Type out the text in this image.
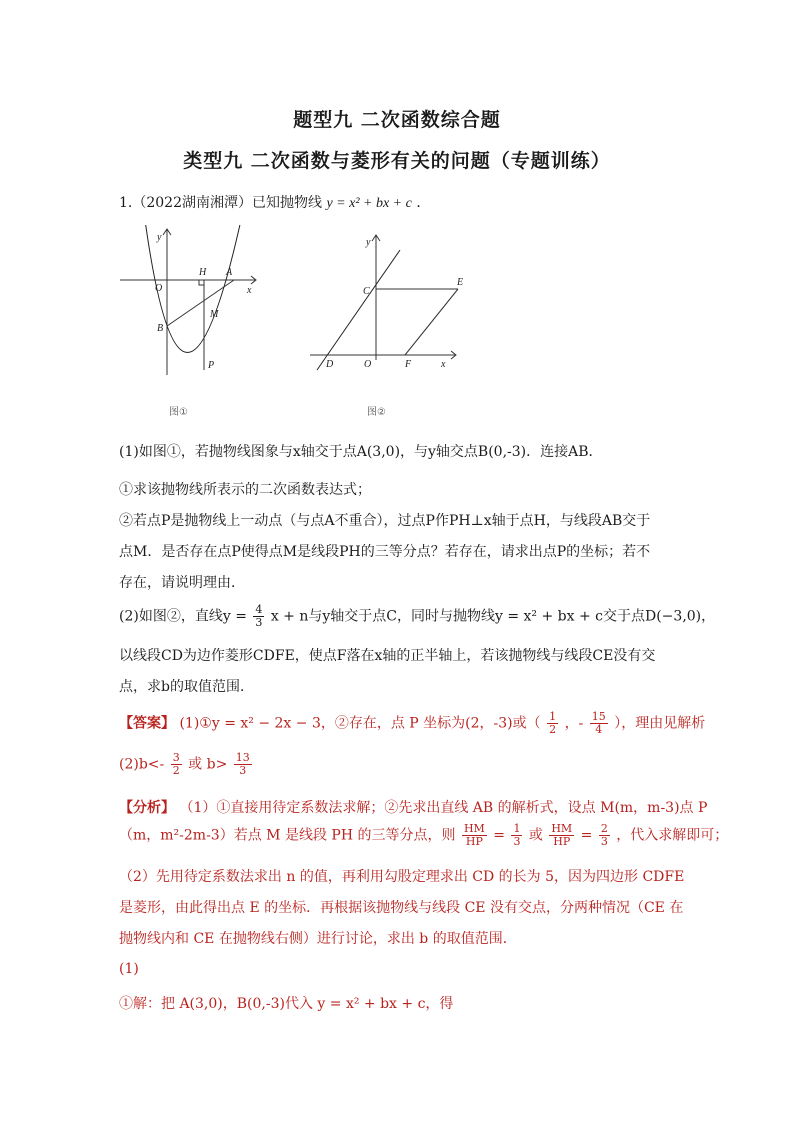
题型九 二次函数综合题
类型九 二次函数与菱形有关的问题（专题训练）
1.（2022湖南湘潭）已知抛物线 y = x² + bx + c ．
y
x
O
H A
M
B
P
图①
y
x
O
C
E
D	F
图②
(1)如图①，若抛物线图象与x轴交于点A(3,0)，与y轴交点B(0,-3)．连接AB．
①求该抛物线所表示的二次函数表达式；
②若点P是抛物线上一动点（与点A不重合），过点P作PH⊥x轴于点H，与线段AB交于
点M．是否存在点P使得点M是线段PH的三等分点？若存在，请求出点P的坐标；若不
存在，请说明理由．
(2)如图②，直线$y = \frac{4}{3}$ x + n与y轴交于点C，同时与抛物线y = x² + bx + c交于点D(−3,0)，
以线段CD为边作菱形CDFE，使点F落在x轴的正半轴上，若该抛物线与线段CE没有交
点，求b的取值范围．
【答案】 (1)①y = x² − 2x − 3，②存在，点 P 坐标为(2，-3)或（ $\frac{1}{2}$ ，- $\frac{15}{4}$ ），理由见解析
$(2)b<- \frac{3}{2}$ 或 $b> \frac{13}{3}$
【分析】 （1）①直接用待定系数法求解；②先求出直线 AB 的解析式，设点 M(m，m-3)点 P
（m，m²-2m-3）若点 M 是线段 PH 的三等分点，则 $\frac{HM}{HP} = \frac{1}{3}$ 或 $\frac{HM}{HP} = \frac{2}{3}$ ，代入求解即可；
（2）先用待定系数法求出 n 的值，再利用勾股定理求出 CD 的长为 5，因为四边形 CDFE
是菱形，由此得出点 E 的坐标．再根据该抛物线与线段 CE 没有交点，分两种情况（CE 在
抛物线内和 CE 在抛物线右侧）进行讨论，求出 b 的取值范围．
(1)
①解：把 A(3,0)，B(0,-3)代入 y = x² + bx + c，得
